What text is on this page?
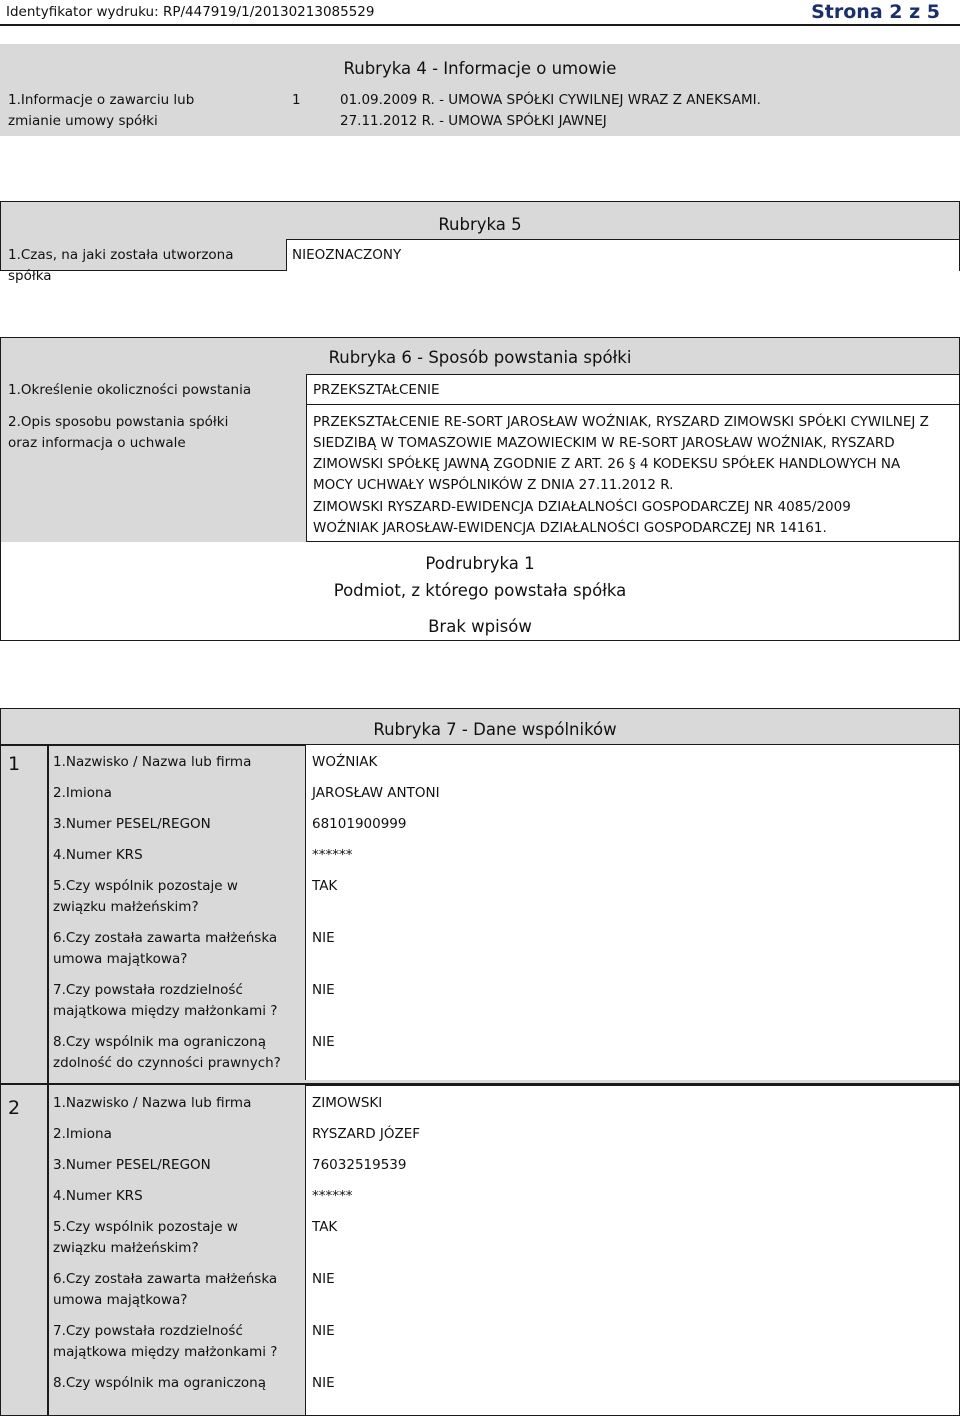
Identyfikator wydruku: RP/447919/1/20130213085529	Strona 2 z 5
Rubryka 4 - Informacje o umowie
1.Informacje o zawarciu lub zmianie umowy spółki
1	01.09.2009 R. - UMOWA SPÓŁKI CYWILNEJ WRAZ Z ANEKSAMI.
27.11.2012 R. - UMOWA SPÓŁKI JAWNEJ
Rubryka 5
1.Czas, na jaki została utworzona spółka
NIEOZNACZONY
Rubryka 6 - Sposób powstania spółki
1.Określenie okoliczności powstania	PRZEKSZTAŁCENIE
2.Opis sposobu powstania spółki oraz informacja o uchwale
PRZEKSZTAŁCENIE RE-SORT JAROSŁAW WOŹNIAK, RYSZARD ZIMOWSKI SPÓŁKI CYWILNEJ Z SIEDZIBĄ W TOMASZOWIE MAZOWIECKIM W RE-SORT JAROSŁAW WOŹNIAK, RYSZARD ZIMOWSKI SPÓŁKĘ JAWNĄ ZGODNIE Z ART. 26 § 4 KODEKSU SPÓŁEK HANDLOWYCH NA MOCY UCHWAŁY WSPÓLNIKÓW Z DNIA 27.11.2012 R.
ZIMOWSKI RYSZARD-EWIDENCJA DZIAŁALNOŚCI GOSPODARCZEJ NR 4085/2009
WOŹNIAK JAROSŁAW-EWIDENCJA DZIAŁALNOŚCI GOSPODARCZEJ NR 14161.
Podrubryka 1
Podmiot, z którego powstała spółka
Brak wpisów
Rubryka 7 - Dane wspólników
1 1.Nazwisko / Nazwa lub firma	WOŹNIAK
2.Imiona	JAROSŁAW ANTONI
3.Numer PESEL/REGON	68101900999
4.Numer KRS	******
5.Czy wspólnik pozostaje w związku małżeńskim?
TAK
6.Czy została zawarta małżeńska umowa majątkowa?
NIE
7.Czy powstała rozdzielność majątkowa między małżonkami ?
NIE
8.Czy wspólnik ma ograniczoną zdolność do czynności prawnych?
NIE
2 1.Nazwisko / Nazwa lub firma	ZIMOWSKI
2.Imiona	RYSZARD JÓZEF
3.Numer PESEL/REGON	76032519539
4.Numer KRS	******
5.Czy wspólnik pozostaje w związku małżeńskim?
TAK
6.Czy została zawarta małżeńska umowa majątkowa?
NIE
7.Czy powstała rozdzielność majątkowa między małżonkami ?
NIE
8.Czy wspólnik ma ograniczoną	NIE
